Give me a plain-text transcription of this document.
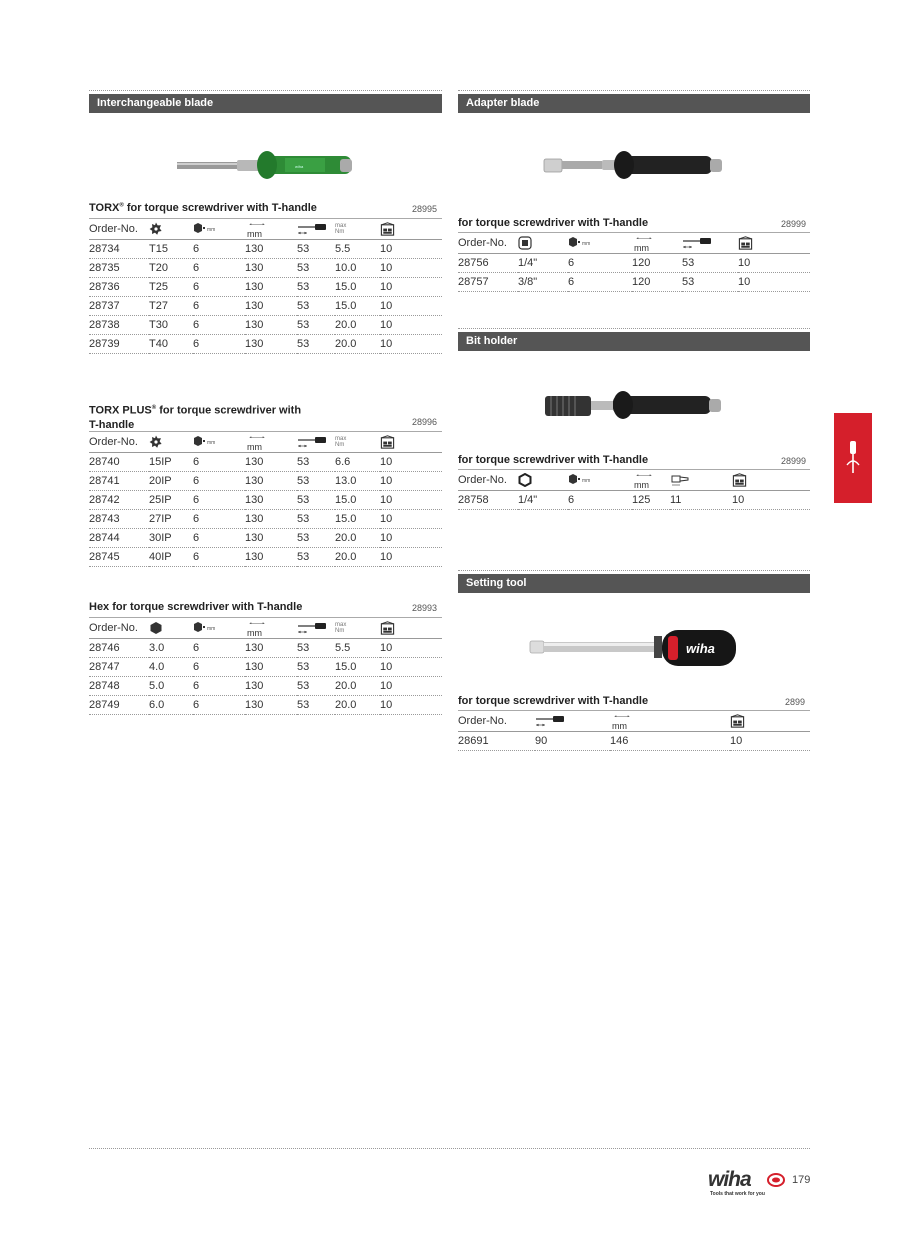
Interchangeable blade
wiha
TORX® for torque screwdriver with T-handle	28995
Order-No.			mm		max
Nm	
28734	T15	6	130	53	5.5	10
28735	T20	6	130	53	10.0	10
28736	T25	6	130	53	15.0	10
28737	T27	6	130	53	15.0	10
28738	T30	6	130	53	20.0	10
28739	T40	6	130	53	20.0	10
TORX PLUS® for torque screwdriver with
T-handle	28996
Order-No.			mm		max
Nm	
28740	15IP	6	130	53	6.6	10
28741	20IP	6	130	53	13.0	10
28742	25IP	6	130	53	15.0	10
28743	27IP	6	130	53	15.0	10
28744	30IP	6	130	53	20.0	10
28745	40IP	6	130	53	20.0	10
Hex for torque screwdriver with T-handle	28993
Order-No.			mm		max
Nm	
28746	3.0	6	130	53	5.5	10
28747	4.0	6	130	53	15.0	10
28748	5.0	6	130	53	20.0	10
28749	6.0	6	130	53	20.0	10
Adapter blade
for torque screwdriver with T-handle	28999
Order-No.			mm

28756	1/4"	6	120	53	10
28757	3/8"	6	120	53	10
Bit holder
for torque screwdriver with T-handle	28999
Order-No.			mm

28758	1/4"	6	125	11	10
Setting tool
wiha
for torque screwdriver with T-handle	2899
Order-No.		mm

28691	90	146	10
wiha
Tools that work for you
179
